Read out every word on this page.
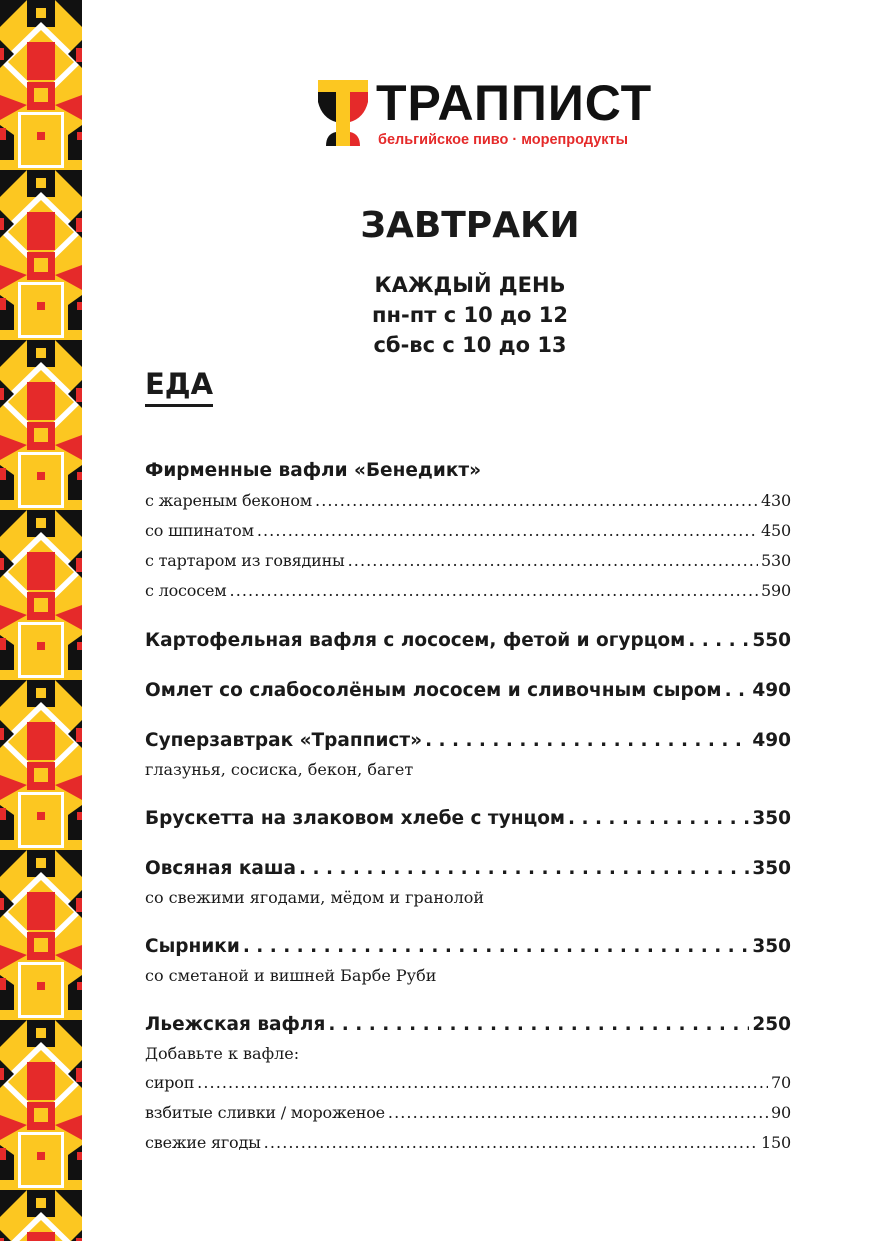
ТРАППИСТ
бельгийское пиво · морепродукты
ЗАВТРАКИ
КАЖДЫЙ ДЕНЬ
пн-пт с 10 до 12
сб-вс с 10 до 13
ЕДА
Фирменные вафли «Бенедикт»
с жареным беконом . . .	430
со шпинатом . . .	450
с тартаром из говядины . . .	530
с лососем . . .	590
Картофельная вафля с лососем, фетой и огурцом . . .	550
Омлет со слабосолёным лососем и сливочным сыром . . . 490
Суперзавтрак «Траппист» . . .	490
глазунья, сосиска, бекон, багет
Брускетта на злаковом хлебе с тунцом . . .	350
Овсяная каша . . .	350
со свежими ягодами, мёдом и гранолой
Сырники . . .	350
со сметаной и вишней Барбе Руби
Льежская вафля . . .	250
Добавьте к вафле:
сироп . . .	70
взбитые сливки / мороженое . . .	90
свежие ягоды . . .	150
